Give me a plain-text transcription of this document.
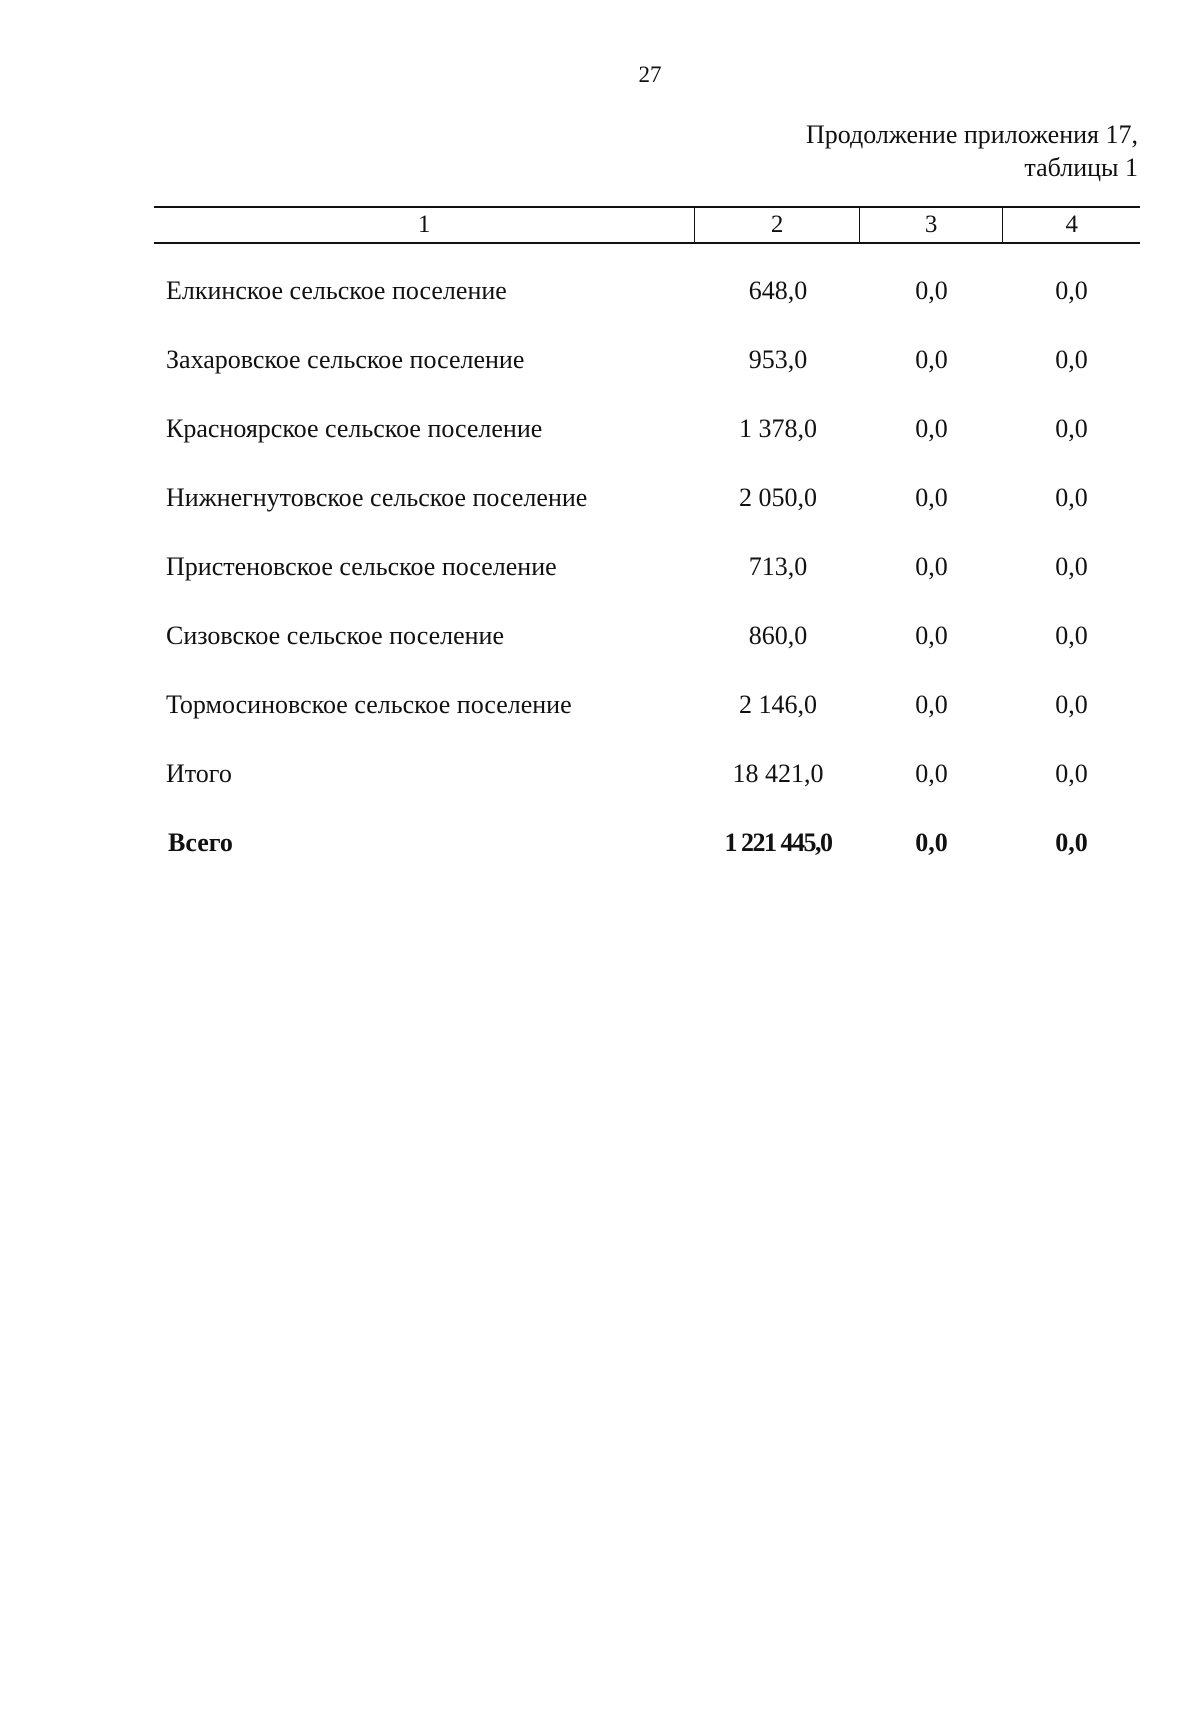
27
Продолжение приложения 17,
таблицы 1
1	2	3	4
Елкинское сельское поселение	648,0	0,0	0,0
Захаровское сельское поселение	953,0	0,0	0,0
Красноярское сельское поселение	1 378,0	0,0	0,0
Нижнегнутовское сельское поселение	2 050,0	0,0	0,0
Пристеновское сельское поселение	713,0	0,0	0,0
Сизовское сельское поселение	860,0	0,0	0,0
Тормосиновское сельское поселение	2 146,0	0,0	0,0
Итого	18 421,0	0,0	0,0
Всего	1 221 445,0	0,0	0,0
